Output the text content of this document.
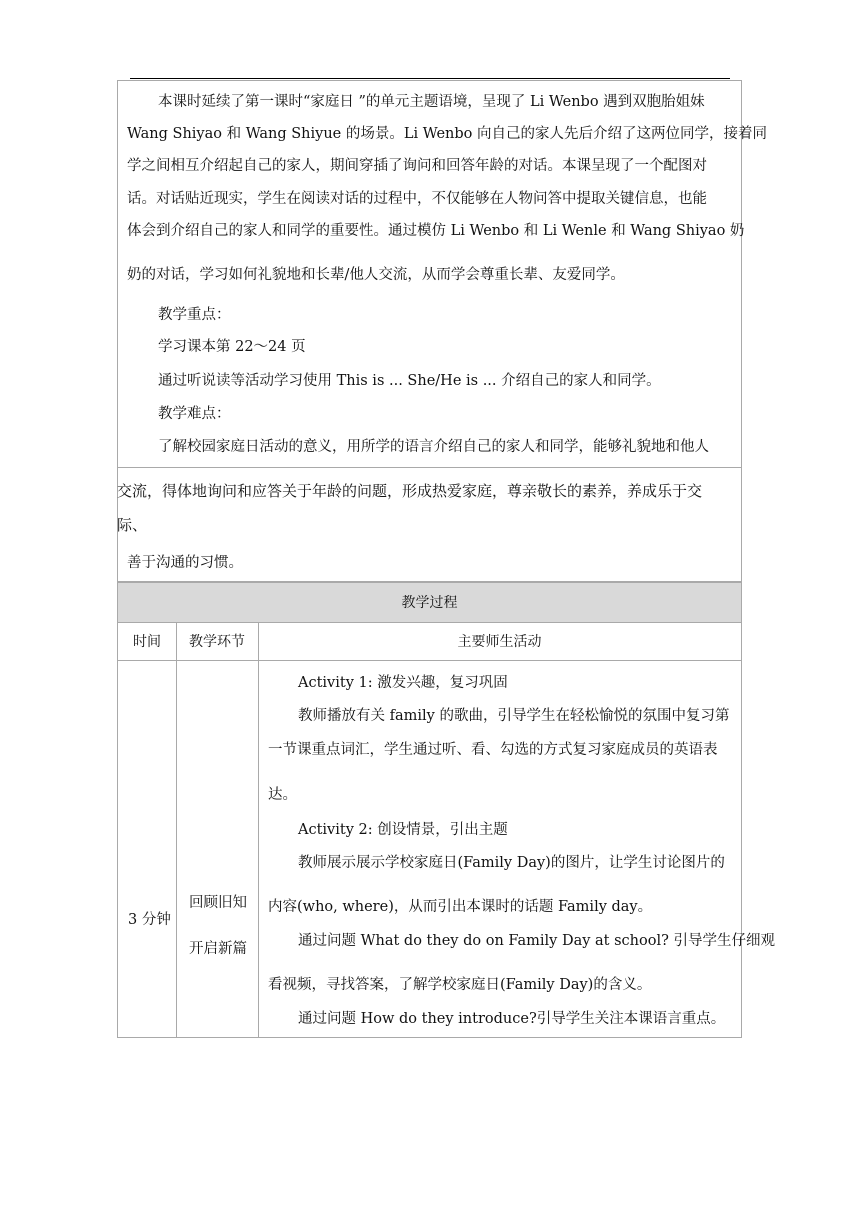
本课时延续了第一课时“家庭日 ”的单元主题语境，呈现了 Li Wenbo 遇到双胞胎姐妹
Wang Shiyao 和 Wang Shiyue 的场景。Li Wenbo 向自己的家人先后介绍了这两位同学，接着同
学之间相互介绍起自己的家人，期间穿插了询问和回答年龄的对话。本课呈现了一个配图对
话。对话贴近现实，学生在阅读对话的过程中，不仅能够在人物问答中提取关键信息，也能
体会到介绍自己的家人和同学的重要性。通过模仿 Li Wenbo 和 Li Wenle 和 Wang Shiyao 奶
奶的对话，学习如何礼貌地和长辈/他人交流，从而学会尊重长辈、友爱同学。
教学重点：
学习课本第 22～24 页
通过听说读等活动学习使用 This is ... She/He is ... 介绍自己的家人和同学。
教学难点：
了解校园家庭日活动的意义，用所学的语言介绍自己的家人和同学，能够礼貌地和他人
交流，得体地询问和应答关于年龄的问题，形成热爱家庭，尊亲敬长的素养，养成乐于交
际、
善于沟通的习惯。
教学过程
时间	教学环节	主要师生活动
3 分钟
回顾旧知
开启新篇
Activity 1: 激发兴趣，复习巩固
教师播放有关 family 的歌曲，引导学生在轻松愉悦的氛围中复习第
一节课重点词汇，学生通过听、看、勾选的方式复习家庭成员的英语表
达。
Activity 2: 创设情景，引出主题
教师展示展示学校家庭日(Family Day)的图片，让学生讨论图片的
内容(who, where)，从而引出本课时的话题 Family day。
通过问题 What do they do on Family Day at school? 引导学生仔细观
看视频，寻找答案，了解学校家庭日(Family Day)的含义。
通过问题 How do they introduce?引导学生关注本课语言重点。
